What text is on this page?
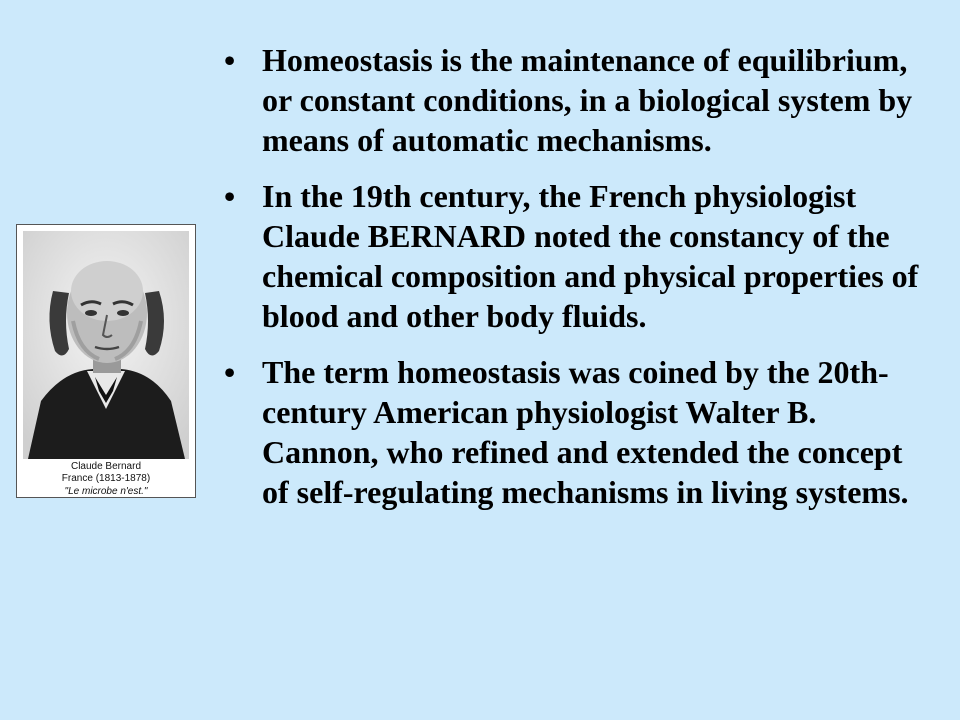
• Homeostasis is the maintenance of equilibrium, or constant conditions, in a biological system by means of automatic mechanisms.
• In the 19th century, the French physiologist Claude BERNARD noted the constancy of the chemical composition and physical properties of blood and other body fluids.
• The term homeostasis was coined by the 20th-century American physiologist Walter B. Cannon, who refined and extended the concept of self-regulating mechanisms in living systems.
Claude Bernard
France (1813-1878)
"Le microbe n'est."
